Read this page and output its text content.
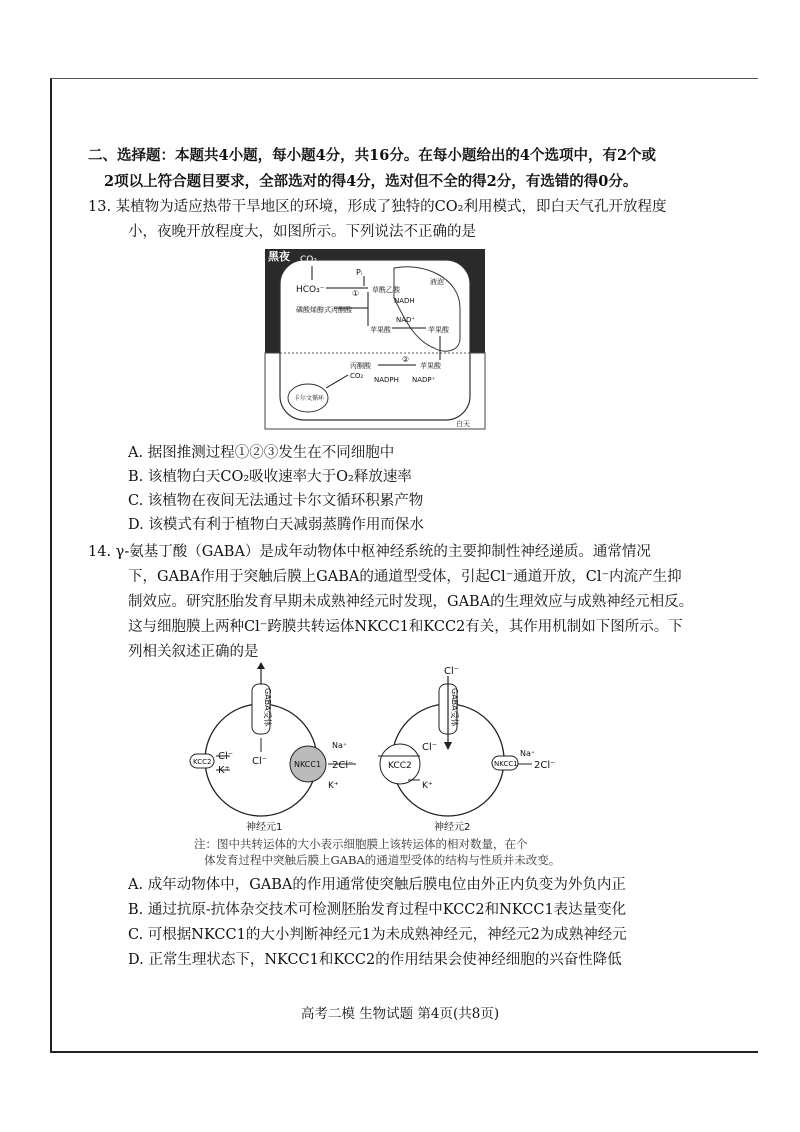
二、选择题：本题共4小题，每小题4分，共16分。在每小题给出的4个选项中，有2个或
2项以上符合题目要求，全部选对的得4分，选对但不全的得2分，有选错的得0分。
13. 某植物为适应热带干旱地区的环境，形成了独特的CO₂利用模式，即白天气孔开放程度
小，夜晚开放程度大，如图所示。下列说法不正确的是
黑夜 CO₂
Pᵢ
HCO₃⁻	① 草酰乙酸
NADH
磷酸烯醇式丙酮酸
NAD⁺
苹果酸	苹果酸
液泡
丙酮酸
CO₂
②
苹果酸
NADPH NADP⁺
卡尔文循环
白天
A. 据图推测过程①②③发生在不同细胞中
B. 该植物白天CO₂吸收速率大于O₂释放速率
C. 该植物在夜间无法通过卡尔文循环积累产物
D. 该模式有利于植物白天减弱蒸腾作用而保水
14. γ-氨基丁酸（GABA）是成年动物体中枢神经系统的主要抑制性神经递质。通常情况
下，GABA作用于突触后膜上GABA的通道型受体，引起Cl⁻通道开放，Cl⁻内流产生抑
制效应。研究胚胎发育早期未成熟神经元时发现，GABA的生理效应与成熟神经元相反。
这与细胞膜上两种Cl⁻跨膜共转运体NKCC1和KCC2有关，其作用机制如下图所示。下
列相关叙述正确的是
GABA受体
Cl⁻
KCC2 Cl⁻
K⁺
NKCC1
Na⁺
2Cl⁻
K⁺
神经元1
Cl⁻
GABA受体
KCC2
Cl⁻
K⁺
NKCC1
Na⁺
2Cl⁻
神经元2
注：图中共转运体的大小表示细胞膜上该转运体的相对数量，在个
体发育过程中突触后膜上GABA的通道型受体的结构与性质并未改变。
A. 成年动物体中，GABA的作用通常使突触后膜电位由外正内负变为外负内正
B. 通过抗原-抗体杂交技术可检测胚胎发育过程中KCC2和NKCC1表达量变化
C. 可根据NKCC1的大小判断神经元1为未成熟神经元，神经元2为成熟神经元
D. 正常生理状态下，NKCC1和KCC2的作用结果会使神经细胞的兴奋性降低
高考二模 生物试题 第4页(共8页)
